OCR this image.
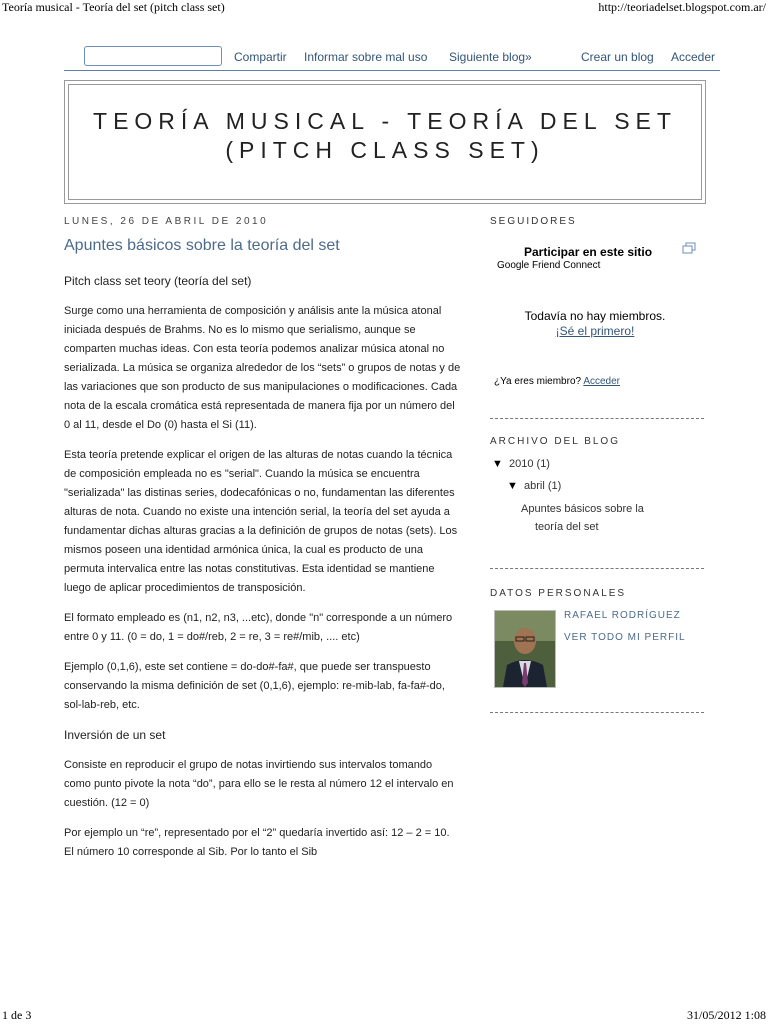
Teoría musical - Teoría del set (pitch class set)	http://teoriadelset.blogspot.com.ar/
1 de 3	31/05/2012 1:08
Compartir Informar sobre mal uso Siguiente blog»	Crear un blog Acceder
TEORÍA MUSICAL - TEORÍA DEL SET
(PITCH CLASS SET)
LUNES, 26 DE ABRIL DE 2010
Apuntes básicos sobre la teoría del set
Pitch class set teory (teoría del set)

Surge como una herramienta de composición y análisis ante la música atonal iniciada después de Brahms. No es lo mismo que serialismo, aunque se comparten muchas ideas. Con esta teoría podemos analizar música atonal no serializada. La música se organiza alrededor de los “sets” o grupos de notas y de las variaciones que son producto de sus manipulaciones o modificaciones. Cada nota de la escala cromática está representada de manera fija por un número del 0 al 11, desde el Do (0) hasta el Si (11).

Esta teoría pretende explicar el origen de las alturas de notas cuando la técnica de composición empleada no es "serial". Cuando la música se encuentra "serializada" las distinas series, dodecafónicas o no, fundamentan las diferentes alturas de nota. Cuando no existe una intención serial, la teoría del set ayuda a fundamentar dichas alturas gracias a la definición de grupos de notas (sets). Los mismos poseen una identidad armónica única, la cual es producto de una permuta intervalica entre las notas constitutivas. Esta identidad se mantiene luego de aplicar procedimientos de transposición.

El formato empleado es (n1, n2, n3, ...etc), donde "n" corresponde a un número entre 0 y 11. (0 = do, 1 = do#/reb, 2 = re, 3 = re#/mib, .... etc)

Ejemplo (0,1,6), este set contiene = do-do#-fa#, que puede ser transpuesto conservando la misma definición de set (0,1,6), ejemplo: re-mib-lab, fa-fa#-do, sol-lab-reb, etc.

Inversión de un set

Consiste en reproducir el grupo de notas invirtiendo sus intervalos tomando como punto pivote la nota “do”, para ello se le resta al número 12 el intervalo en cuestión. (12 = 0)

Por ejemplo un “re”, representado por el “2” quedaría invertido así: 12 – 2 = 10. El número 10 corresponde al Sib. Por lo tanto el Sib

SEGUIDORES
Participar en este sitio
Google Friend Connect
Todavía no hay miembros.
¡Sé el primero!
¿Ya eres miembro? Acceder
ARCHIVO DEL BLOG
▼ 2010 (1)
▼ abril (1)
Apuntes básicos sobre la
teoría del set
DATOS PERSONALES
RAFAEL RODRÍGUEZ
VER TODO MI PERFIL
